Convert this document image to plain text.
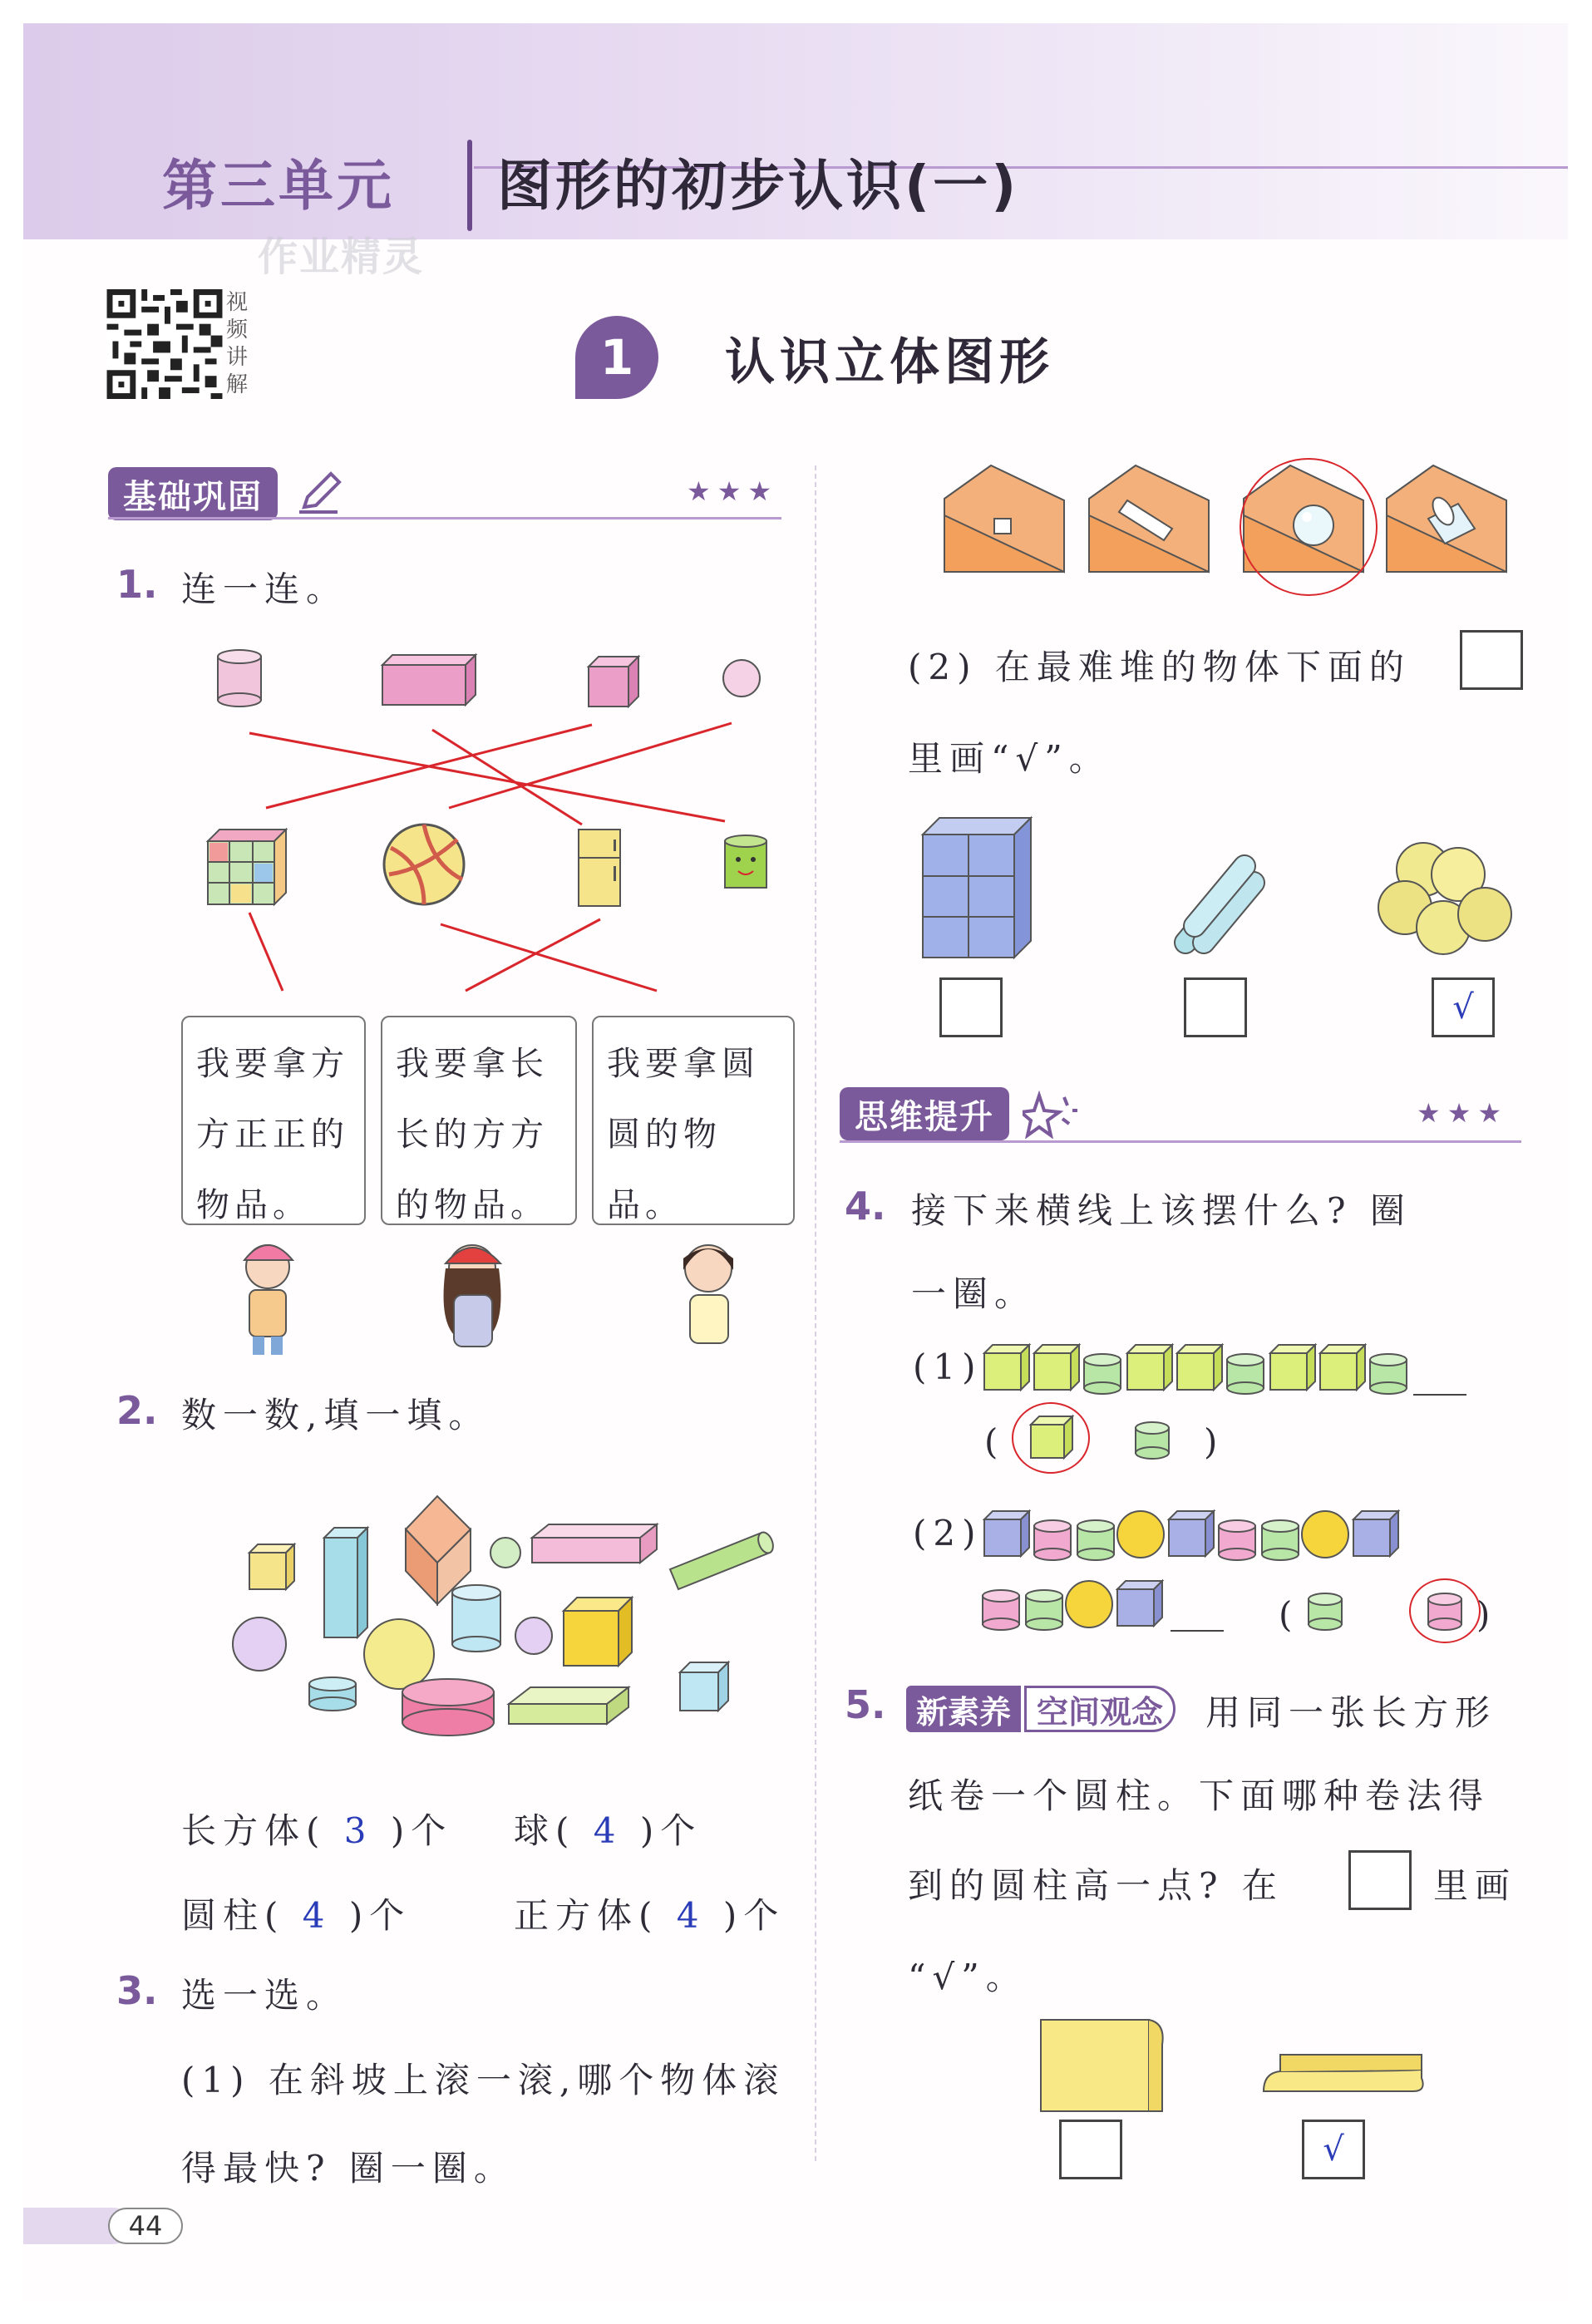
第三单元 图形的初步认识(一)
作业精灵
视频讲解	1	认识立体图形
基础巩固	★★★
1. 连一连。
我要拿方
方正正的
物品。
我要拿长
长的方方
的物品。
我要拿圆
圆的物品。
2. 数一数,填一填。
长方体( 3 )个 球( 4 )个
圆柱( 4 )个	正方体( 4 )个
3. 选一选。
(1) 在斜坡上滚一滚,哪个物体滚
得最快? 圈一圈。
(2) 在最难堆的物体下面的
里画“√”。
√
思维提升	★★★
4. 接下来横线上该摆什么? 圈
一圈。
(1)
(	)
(2)
(	)
5. 新素养 空间观念	用同一张长方形
纸卷一个圆柱。下面哪种卷法得
到的圆柱高一点? 在	里画
“√”。
√
44
